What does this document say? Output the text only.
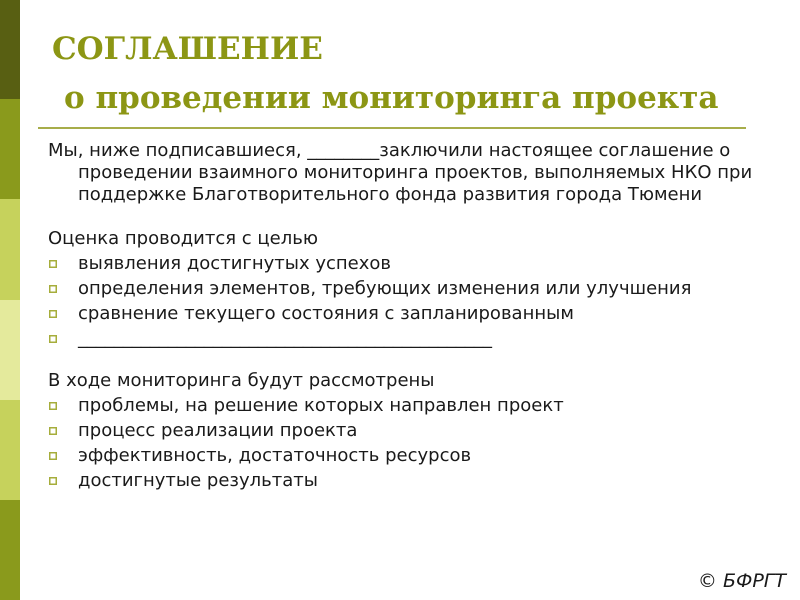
СОГЛАШЕНИЕ
о проведении мониторинга проекта

Мы, ниже подписавшиеся, ________заключили настоящее соглашение о проведении взаимного мониторинга проектов, выполняемых НКО при поддержке Благотворительного фонда развития города Тюмени

Оценка проводится с целью

выявления достигнутых успехов
определения элементов, требующих изменения или улучшения
сравнение текущего состояния с запланированным
______________________________________________

В ходе мониторинга будут рассмотрены

проблемы, на решение которых направлен проект
процесс реализации проекта
эффективность, достаточность ресурсов
достигнутые результаты
© БФРГТ
